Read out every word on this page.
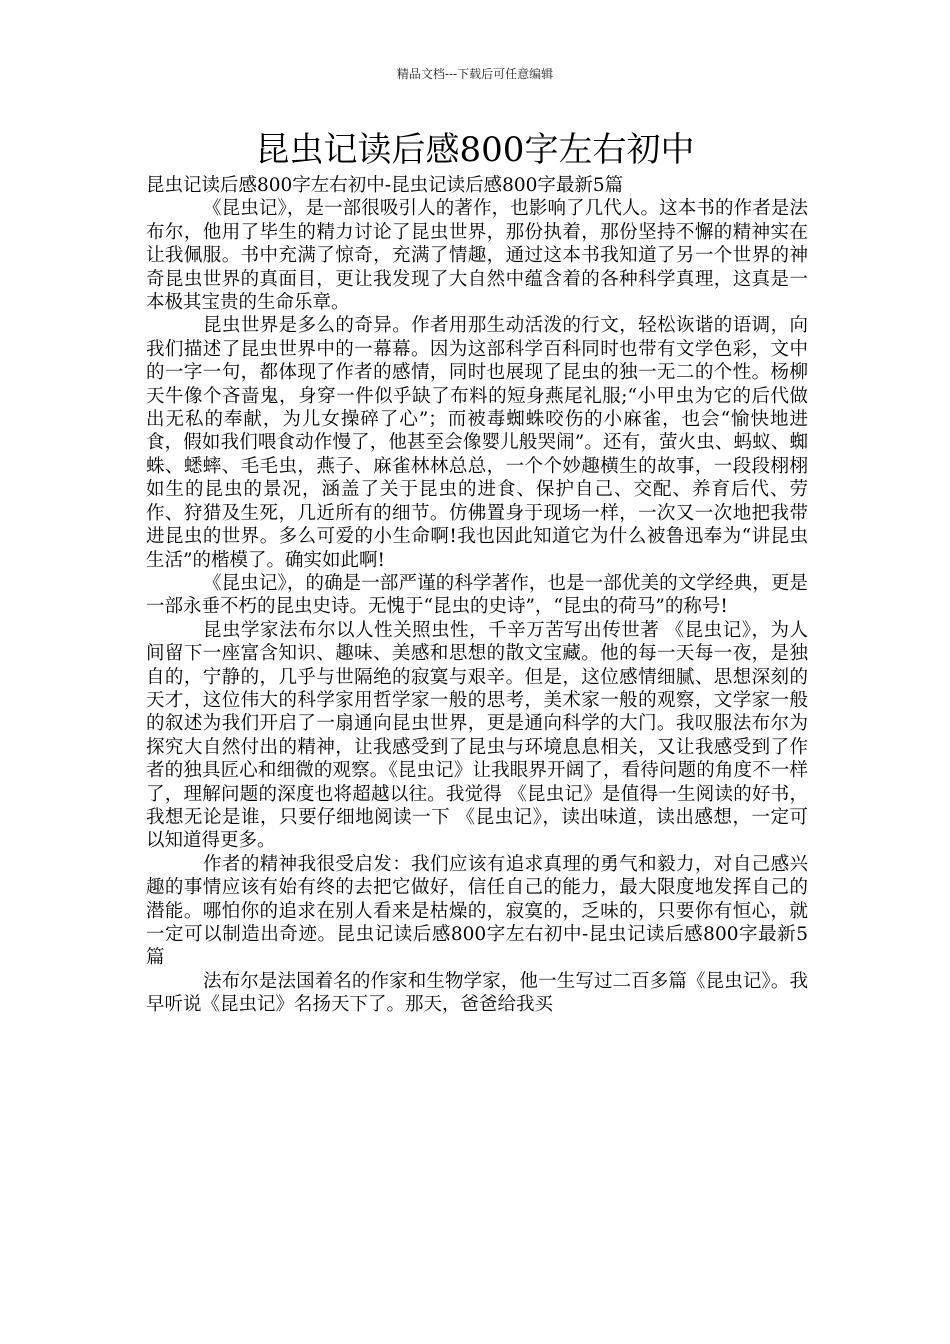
精品文档---下载后可任意编辑
昆虫记读后感800字左右初中

昆虫记读后感800字左右初中-昆虫记读后感800字最新5篇

《昆虫记》，是一部很吸引人的著作，也影响了几代人。这本书的作者是法布尔，他用了毕生的精力讨论了昆虫世界，那份执着，那份坚持不懈的精神实在让我佩服。书中充满了惊奇，充满了情趣，通过这本书我知道了另一个世界的神奇昆虫世界的真面目，更让我发现了大自然中蕴含着的各种科学真理，这真是一本极其宝贵的生命乐章。

昆虫世界是多么的奇异。作者用那生动活泼的行文，轻松诙谐的语调，向我们描述了昆虫世界中的一幕幕。因为这部科学百科同时也带有文学色彩，文中的一字一句，都体现了作者的感情，同时也展现了昆虫的独一无二的个性。杨柳天牛像个吝啬鬼，身穿一件似乎缺了布料的短身燕尾礼服;“小甲虫为它的后代做出无私的奉献，为儿女操碎了心”；而被毒蜘蛛咬伤的小麻雀，也会“愉快地进食，假如我们喂食动作慢了，他甚至会像婴儿般哭闹”。还有，萤火虫、蚂蚁、蜘蛛、蟋蟀、毛毛虫，燕子、麻雀林林总总，一个个妙趣横生的故事，一段段栩栩如生的昆虫的景况，涵盖了关于昆虫的进食、保护自己、交配、养育后代、劳作、狩猎及生死，几近所有的细节。仿佛置身于现场一样，一次又一次地把我带进昆虫的世界。多么可爱的小生命啊!我也因此知道它为什么被鲁迅奉为“讲昆虫生活”的楷模了。确实如此啊!

《昆虫记》，的确是一部严谨的科学著作，也是一部优美的文学经典，更是一部永垂不朽的昆虫史诗。无愧于“昆虫的史诗”，“昆虫的荷马”的称号!

昆虫学家法布尔以人性关照虫性，千辛万苦写出传世著 《昆虫记》，为人间留下一座富含知识、趣味、美感和思想的散文宝藏。他的每一天每一夜，是独自的，宁静的，几乎与世隔绝的寂寞与艰辛。但是，这位感情细腻、思想深刻的天才，这位伟大的科学家用哲学家一般的思考，美术家一般的观察，文学家一般的叙述为我们开启了一扇通向昆虫世界，更是通向科学的大门。我叹服法布尔为探究大自然付出的精神，让我感受到了昆虫与环境息息相关，又让我感受到了作者的独具匠心和细微的观察。《昆虫记》让我眼界开阔了，看待问题的角度不一样了，理解问题的深度也将超越以往。我觉得 《昆虫记》是值得一生阅读的好书， 我想无论是谁，只要仔细地阅读一下 《昆虫记》，读出味道，读出感想，一定可以知道得更多。

作者的精神我很受启发：我们应该有追求真理的勇气和毅力，对自己感兴趣的事情应该有始有终的去把它做好，信任自己的能力，最大限度地发挥自己的潜能。哪怕你的追求在别人看来是枯燥的，寂寞的，乏味的，只要你有恒心，就一定可以制造出奇迹。昆虫记读后感800字左右初中-昆虫记读后感800字最新5篇

法布尔是法国着名的作家和生物学家，他一生写过二百多篇《昆虫记》。我早听说《昆虫记》名扬天下了。那天，爸爸给我买
